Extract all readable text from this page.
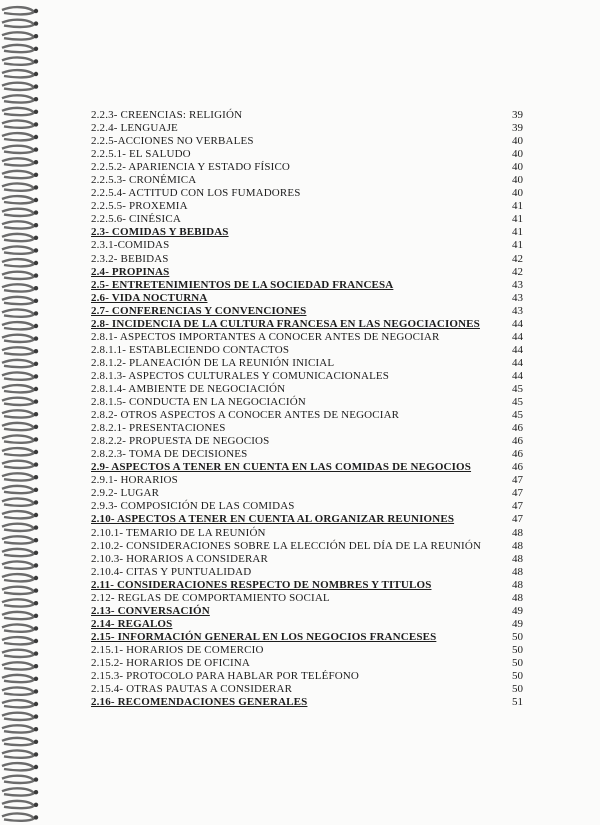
2.2.3- CREENCIAS: RELIGIÓN	39
2.2.4- LENGUAJE	39
2.2.5-ACCIONES NO VERBALES	40
2.2.5.1- EL SALUDO	40
2.2.5.2- APARIENCIA Y ESTADO FÍSICO	40
2.2.5.3- CRONÉMICA	40
2.2.5.4- ACTITUD CON LOS FUMADORES	40
2.2.5.5- PROXEMIA	41
2.2.5.6- CINÉSICA	41
2.3- COMIDAS Y BEBIDAS	41
2.3.1-COMIDAS	41
2.3.2- BEBIDAS	42
2.4- PROPINAS	42
2.5- ENTRETENIMIENTOS DE LA SOCIEDAD FRANCESA	43
2.6- VIDA NOCTURNA	43
2.7- CONFERENCIAS Y CONVENCIONES	43
2.8- INCIDENCIA DE LA CULTURA FRANCESA EN LAS NEGOCIACIONES	44
2.8.1- ASPECTOS IMPORTANTES A CONOCER ANTES DE NEGOCIAR	44
2.8.1.1- ESTABLECIENDO CONTACTOS	44
2.8.1.2- PLANEACIÓN DE LA REUNIÓN INICIAL	44
2.8.1.3- ASPECTOS CULTURALES Y COMUNICACIONALES	44
2.8.1.4- AMBIENTE DE NEGOCIACIÓN	45
2.8.1.5- CONDUCTA EN LA NEGOCIACIÓN	45
2.8.2- OTROS ASPECTOS A CONOCER ANTES DE NEGOCIAR	45
2.8.2.1- PRESENTACIONES	46
2.8.2.2- PROPUESTA DE NEGOCIOS	46
2.8.2.3- TOMA DE DECISIONES	46
2.9- ASPECTOS A TENER EN CUENTA EN LAS COMIDAS DE NEGOCIOS	46
2.9.1- HORARIOS	47
2.9.2- LUGAR	47
2.9.3- COMPOSICIÓN DE LAS COMIDAS	47
2.10- ASPECTOS A TENER EN CUENTA AL ORGANIZAR REUNIONES	47
2.10.1- TEMARIO DE LA REUNIÓN	48
2.10.2- CONSIDERACIONES SOBRE LA ELECCIÓN DEL DÍA DE LA REUNIÓN	48
2.10.3- HORARIOS A CONSIDERAR	48
2.10.4- CITAS Y PUNTUALIDAD	48
2.11- CONSIDERACIONES RESPECTO DE NOMBRES Y TITULOS	48
2.12- REGLAS DE COMPORTAMIENTO SOCIAL	48
2.13- CONVERSACIÓN	49
2.14- REGALOS	49
2.15- INFORMACIÓN GENERAL EN LOS NEGOCIOS FRANCESES	50
2.15.1- HORARIOS DE COMERCIO	50
2.15.2- HORARIOS DE OFICINA	50
2.15.3- PROTOCOLO PARA HABLAR POR TELÉFONO	50
2.15.4- OTRAS PAUTAS A CONSIDERAR	50
2.16- RECOMENDACIONES GENERALES	51
